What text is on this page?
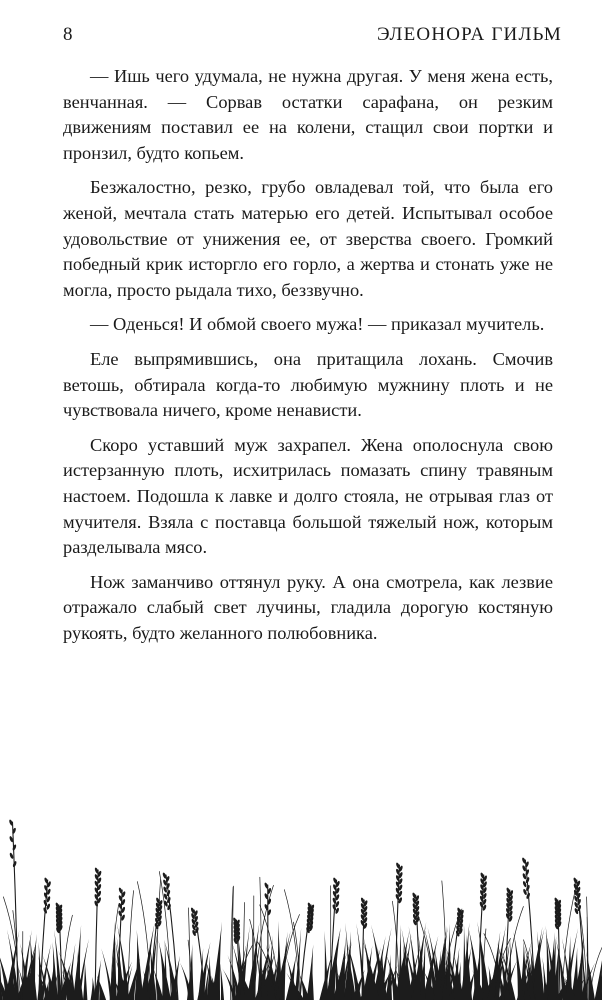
8	ЭЛЕОНОРА ГИЛЬМ

— Ишь чего удумала, не нужна другая. У меня жена есть, венчанная. — Сорвав остатки сарафана, он резким движениям поставил ее на колени, стащил свои портки и пронзил, будто копьем.

Безжалостно, резко, грубо овладевал той, что была его женой, мечтала стать матерью его детей. Испытывал особое удовольствие от унижения ее, от зверства своего. Громкий победный крик исторгло его горло, а жертва и стонать уже не могла, просто рыдала тихо, беззвучно.

— Оденься! И обмой своего мужа! — приказал мучитель.

Еле выпрямившись, она притащила лохань. Смочив ветошь, обтирала когда-то любимую мужнину плоть и не чувствовала ничего, кроме ненависти.

Скоро уставший муж захрапел. Жена ополоснула свою истерзанную плоть, исхитрилась помазать спину травяным настоем. Подошла к лавке и долго стояла, не отрывая глаз от мучителя. Взяла с поставца большой тяжелый нож, которым разделывала мясо.

Нож заманчиво оттянул руку. А она смотрела, как лезвие отражало слабый свет лучины, гладила дорогую костяную рукоять, будто желанного полюбовника.
